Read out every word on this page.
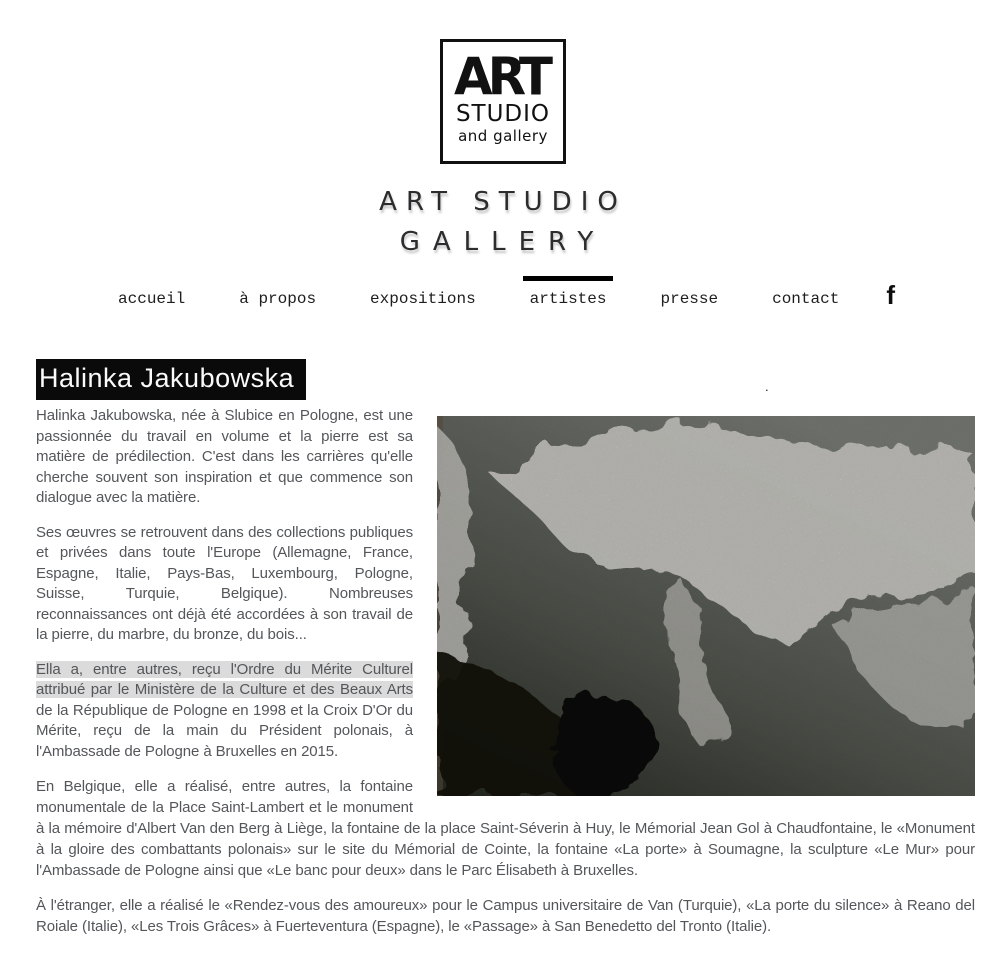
ART
STUDIO
and gallery
ART STUDIO
GALLERY
accueil	à propos	expositions	artistes	presse	contact f
Halinka Jakubowska	.

Halinka Jakubowska, née à Slubice en Pologne, est une passionnée du travail en volume et la pierre est sa matière de prédilection. C'est dans les carrières qu'elle cherche souvent son inspiration et que commence son dialogue avec la matière.

Ses œuvres se retrouvent dans des collections publiques et privées dans toute l'Europe (Allemagne, France, Espagne, Italie, Pays-Bas, Luxembourg, Pologne, Suisse, Turquie, Belgique). Nombreuses reconnaissances ont déjà été accordées à son travail de la pierre, du marbre, du bronze, du bois...

Ella a, entre autres, reçu l'Ordre du Mérite Culturel attribué par le Ministère de la Culture et des Beaux Arts de la République de Pologne en 1998 et la Croix D'Or du Mérite, reçu de la main du Président polonais, à l'Ambassade de Pologne à Bruxelles en 2015.

En Belgique, elle a réalisé, entre autres, la fontaine monumentale de la Place Saint-Lambert et le monument à la mémoire d'Albert Van den Berg à Liège, la fontaine de la place Saint-Séverin à Huy, le Mémorial Jean Gol à Chaudfontaine, le «Monument à la gloire des combattants polonais» sur le site du Mémorial de Cointe, la fontaine «La porte» à Soumagne, la sculpture «Le Mur» pour l'Ambassade de Pologne ainsi que «Le banc pour deux» dans le Parc Élisabeth à Bruxelles.

À l'étranger, elle a réalisé le «Rendez-vous des amoureux» pour le Campus universitaire de Van (Turquie), «La porte du silence» à Reano del Roiale (Italie), «Les Trois Grâces» à Fuerteventura (Espagne), le «Passage» à San Benedetto del Tronto (Italie).
